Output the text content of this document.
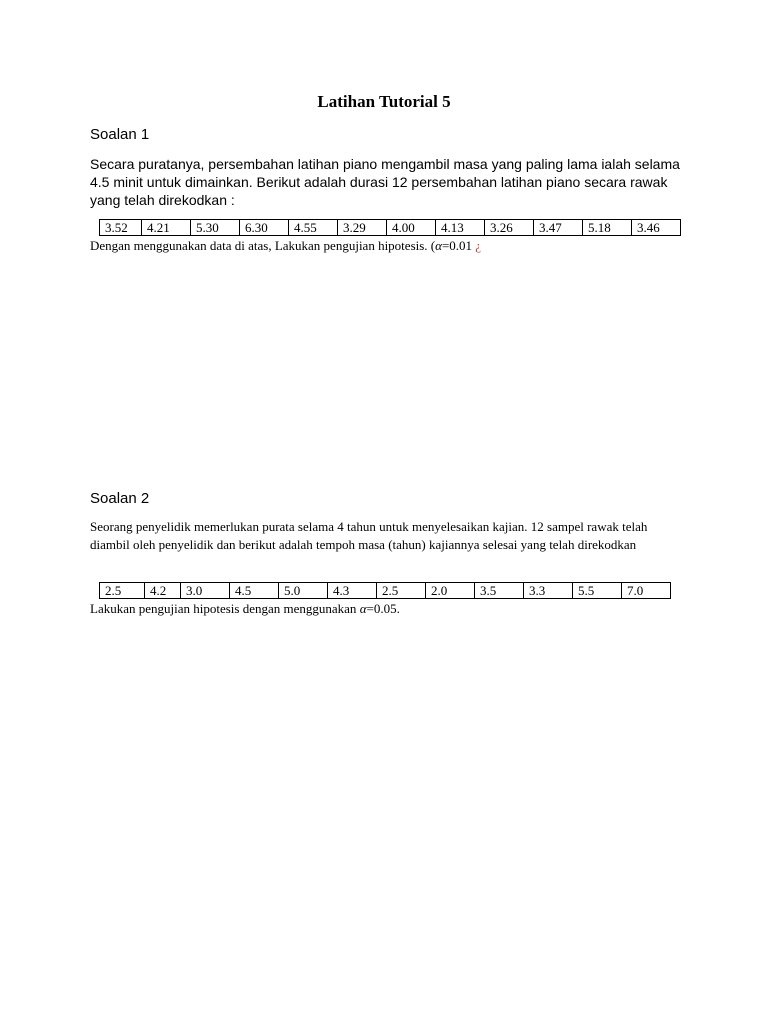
Latihan Tutorial 5
Soalan 1
Secara puratanya, persembahan latihan piano mengambil masa yang paling lama ialah selama 4.5 minit untuk dimainkan. Berikut adalah durasi 12 persembahan latihan piano secara rawak yang telah direkodkan :
3.52	4.21	5.30	6.30	4.55	3.29	4.00	4.13	3.26	3.47	5.18	3.46
Dengan menggunakan data di atas, Lakukan pengujian hipotesis. (α=0.01 ¿
Soalan 2
Seorang penyelidik memerlukan purata selama 4 tahun untuk menyelesaikan kajian. 12 sampel rawak telah diambil oleh penyelidik dan berikut adalah tempoh masa (tahun) kajiannya selesai yang telah direkodkan
2.5	4.2	3.0	4.5	5.0	4.3	2.5	2.0	3.5	3.3	5.5	7.0
Lakukan pengujian hipotesis dengan menggunakan α=0.05.
